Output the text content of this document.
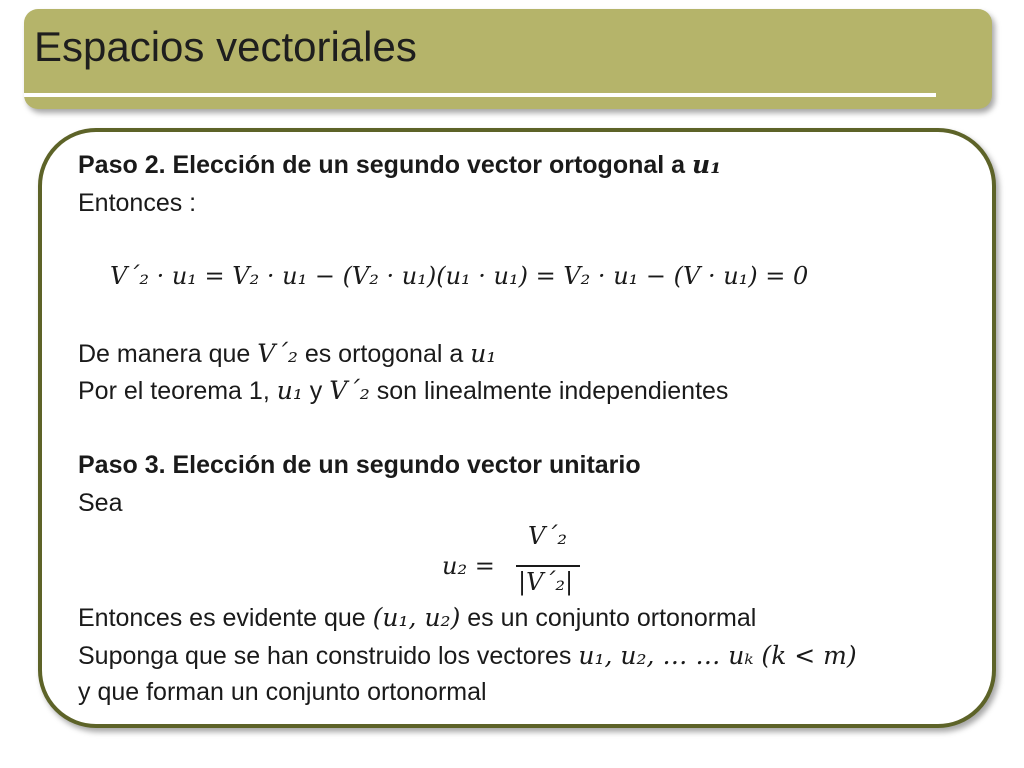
Espacios vectoriales
Paso 2. Elección de un segundo vector ortogonal a u₁
Entonces :
V´₂ · u₁ = V₂ · u₁ − (V₂ · u₁)(u₁ · u₁) = V₂ · u₁ − (V · u₁) = 0
De manera que V´₂ es ortogonal a u₁
Por el teorema 1, u₁ y V´₂ son linealmente independientes
Paso 3. Elección de un segundo vector unitario
Sea
u₂ =
V´₂
|V´₂|
Entonces es evidente que (u₁, u₂) es un conjunto ortonormal
Suponga que se han construido los vectores u₁, u₂, … … uₖ (k < m)
y que forman un conjunto ortonormal
